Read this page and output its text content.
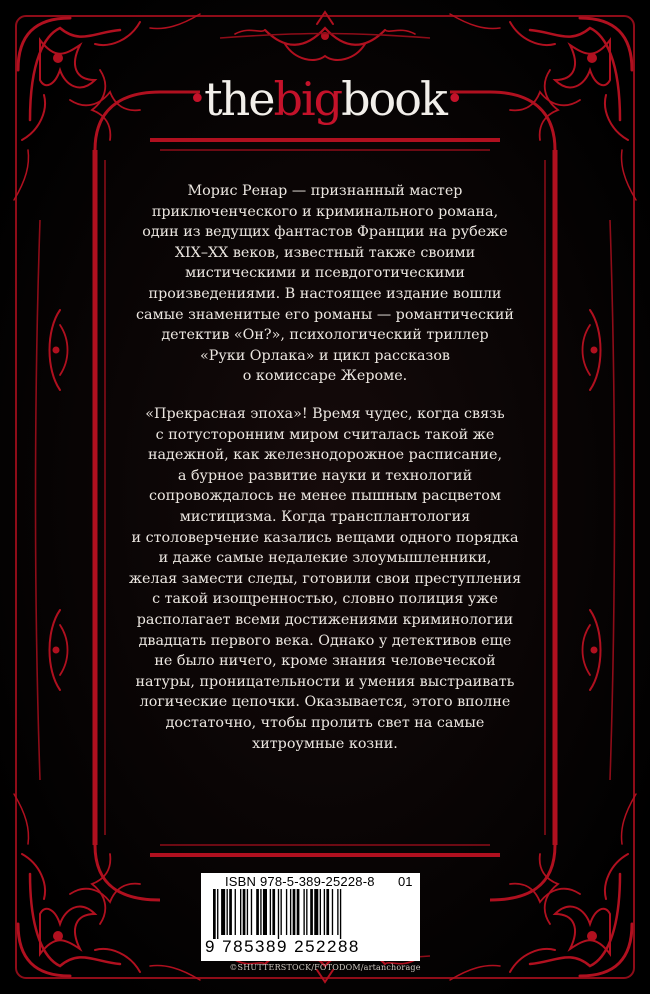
•thebigbook•

Морис Ренар — признанный мастер
приключенческого и криминального романа,
один из ведущих фантастов Франции на рубеже
XIX–XX веков, известный также своими
мистическими и псевдоготическими
произведениями. В настоящее издание вошли
самые знаменитые его романы — романтический
детектив «Он?», психологический триллер
«Руки Орлака» и цикл рассказов
о комиссаре Жероме.

«Прекрасная эпоха»! Время чудес, когда связь
с потусторонним миром считалась такой же
надежной, как железнодорожное расписание,
а бурное развитие науки и технологий
сопровождалось не менее пышным расцветом
мистицизма. Когда трансплантология
и столоверчение казались вещами одного порядка
и даже самые недалекие злоумышленники,
желая замести следы, готовили свои преступления
с такой изощренностью, словно полиция уже
располагает всеми достижениями криминологии
двадцать первого века. Однако у детективов еще
не было ничего, кроме знания человеческой
натуры, проницательности и умения выстраивать
логические цепочки. Оказывается, этого вполне
достаточно, чтобы пролить свет на самые
хитроумные козни.

ISBN 978-5-389-25228-8 01
9 785389 252288
©SHUTTERSTOCK/FOTODOM/artanchorage
